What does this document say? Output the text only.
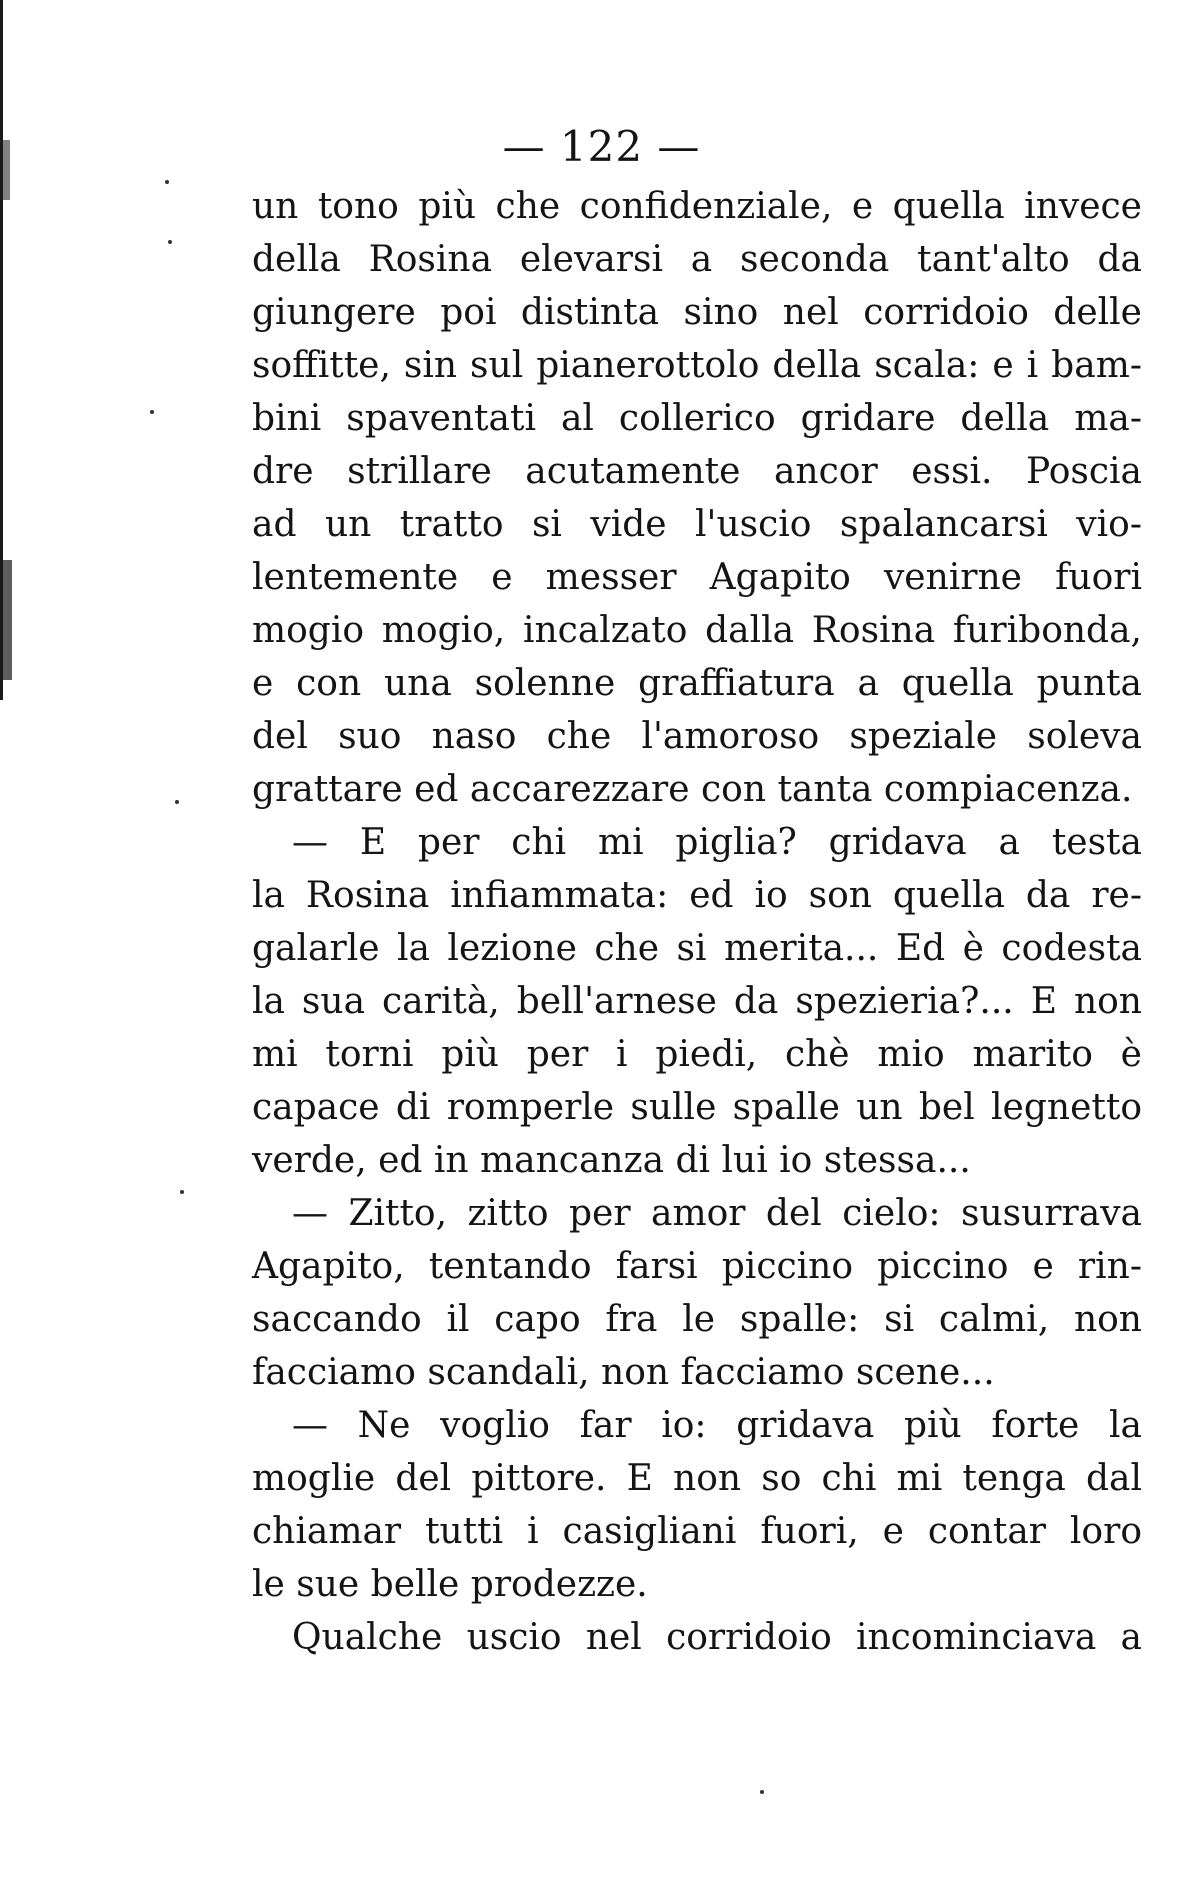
— 122 —
un tono più che confidenziale, e quella invece
della Rosina elevarsi a seconda tant'alto da
giungere poi distinta sino nel corridoio delle
soffitte, sin sul pianerottolo della scala: e i bam-
bini spaventati al collerico gridare della ma-
dre strillare acutamente ancor essi. Poscia
ad un tratto si vide l'uscio spalancarsi vio-
lentemente e messer Agapito venirne fuori
mogio mogio, incalzato dalla Rosina furibonda,
e con una solenne graffiatura a quella punta
del suo naso che l'amoroso speziale soleva
grattare ed accarezzare con tanta compiacenza.
— E per chi mi piglia? gridava a testa
la Rosina infiammata: ed io son quella da re-
galarle la lezione che si merita... Ed è codesta
la sua carità, bell'arnese da spezieria?... E non
mi torni più per i piedi, chè mio marito è
capace di romperle sulle spalle un bel legnetto
verde, ed in mancanza di lui io stessa...
— Zitto, zitto per amor del cielo: susurrava
Agapito, tentando farsi piccino piccino e rin-
saccando il capo fra le spalle: si calmi, non
facciamo scandali, non facciamo scene...
— Ne voglio far io: gridava più forte la
moglie del pittore. E non so chi mi tenga dal
chiamar tutti i casigliani fuori, e contar loro
le sue belle prodezze.
Qualche uscio nel corridoio incominciava a
